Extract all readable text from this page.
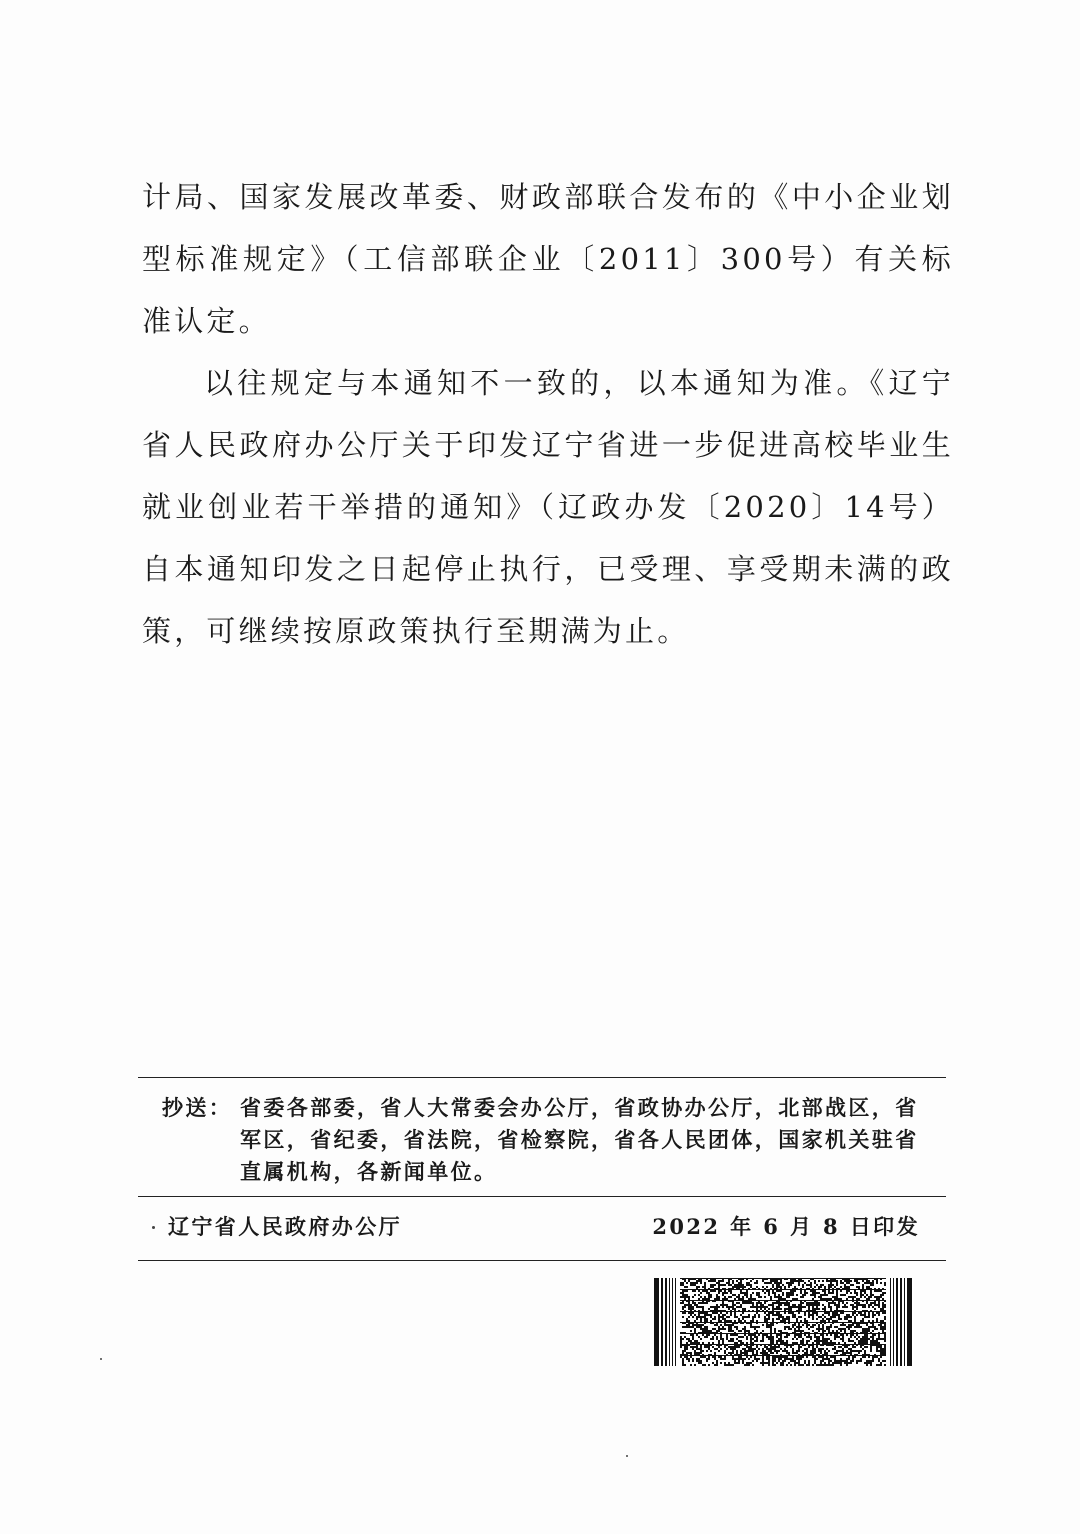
计局、国家发展改革委、财政部联合发布的《中小企业划型标准规定》（工信部联企业〔2011〕300号）有关标准认定。

以往规定与本通知不一致的，以本通知为准。《辽宁省人民政府办公厅关于印发辽宁省进一步促进高校毕业生就业创业若干举措的通知》（辽政办发〔2020〕14号）自本通知印发之日起停止执行，已受理、享受期未满的政策，可继续按原政策执行至期满为止。

抄送： 省委各部委，省人大常委会办公厅，省政协办公厅，北部战区，省军区，省纪委，省法院，省检察院，省各人民团体，国家机关驻省直属机构，各新闻单位。
辽宁省人民政府办公厅	2022 年 6 月 8 日印发
